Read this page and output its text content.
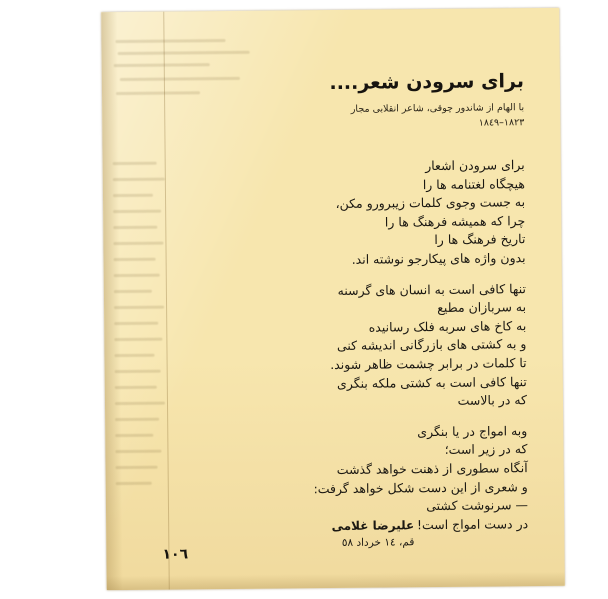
برای سرودن شعر....
با الهام از شاندور چوقی، شاعر انقلابی مجار
١٨٢٣–١٨٤٩
برای سرودن اشعار
هیچگاه لغتنامه ها را
به جست وجوی کلمات زیبرورو مکن،
چرا که همیشه فرهنگ ها را
تاریخ فرهنگ ها را
بدون واژه های پیکارجو نوشته اند.
تنها کافی است به انسان های گرسنه
به سربازان مطیع
به کاخ های سربه فلک رسانیده
و به کشتی های بازرگانی اندیشه کنی
تا کلمات در برابر چشمت ظاهر شوند.
تنها کافی است به کشتی ملکه بنگری
که در بالاست
وبه امواج در یا بنگری
که در زیر است؛
آنگاه سطوری از ذهنت خواهد گذشت
و شعری از این دست شکل خواهد گرفت:
— سرنوشت کشتی
در دست امواج است!
علیرضا غلامی
قم، ١٤ خرداد ٥٨
١٠٦
